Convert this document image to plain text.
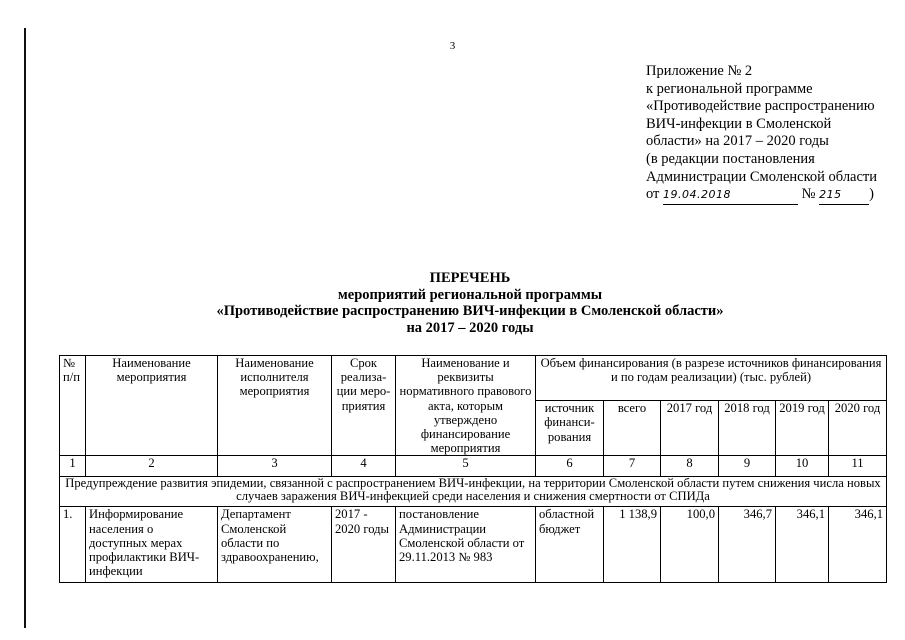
3
Приложение № 2
к региональной программе
«Противодействие распространению
ВИЧ-инфекции в Смоленской
области» на 2017 – 2020 годы
(в редакции постановления
Администрации Смоленской области
от 19.04.2018	№ 215 )
ПЕРЕЧЕНЬ
мероприятий региональной программы
«Противодействие распространению ВИЧ-инфекции в Смоленской области»
на 2017 – 2020 годы
№ п/п	Наименование мероприятия	Наименование исполнителя мероприятия	Срок реализа-ции меро-приятия	Наименование и реквизиты нормативного правового акта, которым утверждено финансирование мероприятия	Объем финансирования (в разрезе источников финансирования и по годам реализации) (тыс. рублей)					
					источник финанси-рования	всего	2017 год	2018 год	2019 год	2020 год
1	2	3	4	5	6	7	8	9	10	11
Предупреждение развития эпидемии, связанной с распространением ВИЧ-инфекции, на территории Смоленской области путем снижения числа новых случаев заражения ВИЧ-инфекцией среди населения и снижения смертности от СПИДа										
1.	Информирование населения о доступных мерах профилактики ВИЧ-инфекции	Департамент Смоленской области по здравоохранению,	2017 - 2020 годы	постановление Администрации Смоленской области от 29.11.2013 № 983	областной бюджет	1 138,9	100,0	346,7	346,1	346,1
